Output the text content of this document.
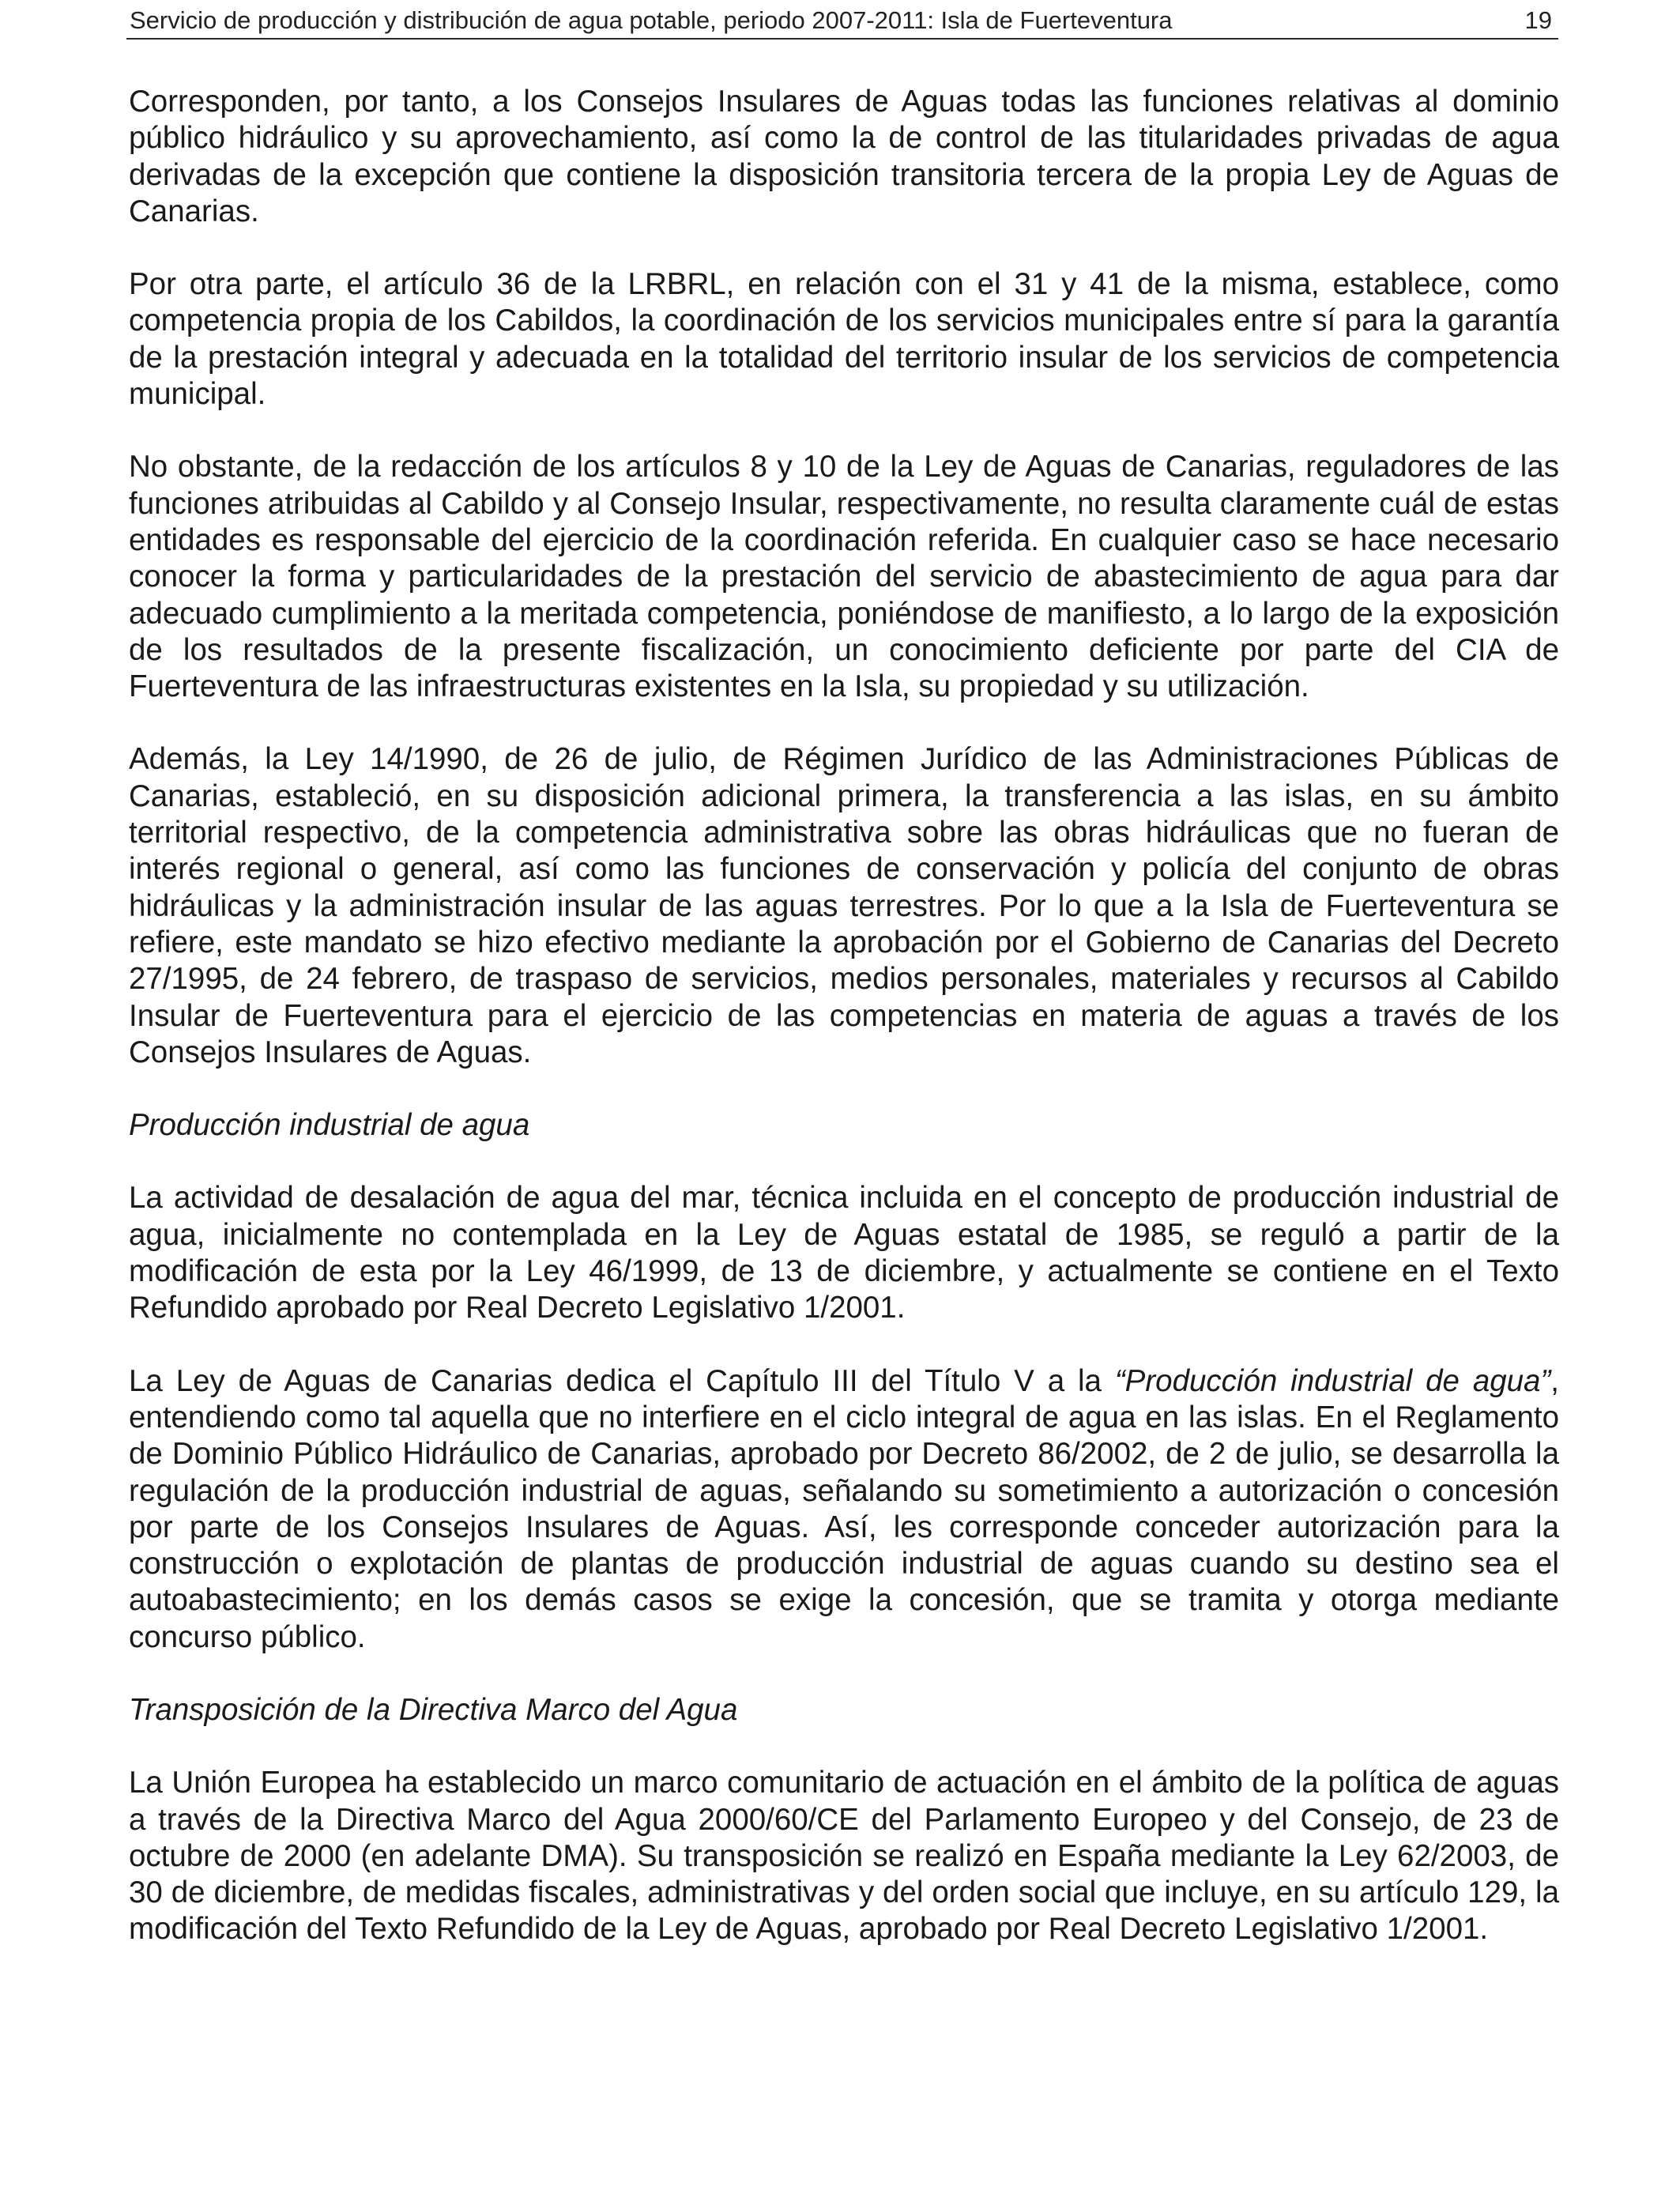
Servicio de producción y distribución de agua potable, periodo 2007-2011: Isla de Fuerteventura	19

Corresponden, por tanto, a los Consejos Insulares de Aguas todas las funciones relativas al dominio público hidráulico y su aprovechamiento, así como la de control de las titularidades privadas de agua derivadas de la excepción que contiene la disposición transitoria tercera de la propia Ley de Aguas de Canarias.

Por otra parte, el artículo 36 de la LRBRL, en relación con el 31 y 41 de la misma, establece, como competencia propia de los Cabildos, la coordinación de los servicios municipales entre sí para la garantía de la prestación integral y adecuada en la totalidad del territorio insular de los servicios de competencia municipal.

No obstante, de la redacción de los artículos 8 y 10 de la Ley de Aguas de Canarias, reguladores de las funciones atribuidas al Cabildo y al Consejo Insular, respectivamente, no resulta claramente cuál de estas entidades es responsable del ejercicio de la coordinación referida. En cualquier caso se hace necesario conocer la forma y particularidades de la prestación del servicio de abastecimiento de agua para dar adecuado cumplimiento a la meritada competencia, poniéndose de manifiesto, a lo largo de la exposición de los resultados de la presente fiscalización, un conocimiento deficiente por parte del CIA de Fuerteventura de las infraestructuras existentes en la Isla, su propiedad y su utilización.

Además, la Ley 14/1990, de 26 de julio, de Régimen Jurídico de las Administraciones Públicas de Canarias, estableció, en su disposición adicional primera, la transferencia a las islas, en su ámbito territorial respectivo, de la competencia administrativa sobre las obras hidráulicas que no fueran de interés regional o general, así como las funciones de conservación y policía del conjunto de obras hidráulicas y la administración insular de las aguas terrestres. Por lo que a la Isla de Fuerteventura se refiere, este mandato se hizo efectivo mediante la aprobación por el Gobierno de Canarias del Decreto 27/1995, de 24 febrero, de traspaso de servicios, medios personales, materiales y recursos al Cabildo Insular de Fuerteventura para el ejercicio de las competencias en materia de aguas a través de los Consejos Insulares de Aguas.

Producción industrial de agua

La actividad de desalación de agua del mar, técnica incluida en el concepto de producción industrial de agua, inicialmente no contemplada en la Ley de Aguas estatal de 1985, se reguló a partir de la modificación de esta por la Ley 46/1999, de 13 de diciembre, y actualmente se contiene en el Texto Refundido aprobado por Real Decreto Legislativo 1/2001.

La Ley de Aguas de Canarias dedica el Capítulo III del Título V a la “Producción industrial de agua”, entendiendo como tal aquella que no interfiere en el ciclo integral de agua en las islas. En el Reglamento de Dominio Público Hidráulico de Canarias, aprobado por Decreto 86/2002, de 2 de julio, se desarrolla la regulación de la producción industrial de aguas, señalando su sometimiento a autorización o concesión por parte de los Consejos Insulares de Aguas. Así, les corresponde conceder autorización para la construcción o explotación de plantas de producción industrial de aguas cuando su destino sea el autoabastecimiento; en los demás casos se exige la concesión, que se tramita y otorga mediante concurso público.

Transposición de la Directiva Marco del Agua

La Unión Europea ha establecido un marco comunitario de actuación en el ámbito de la política de aguas a través de la Directiva Marco del Agua 2000/60/CE del Parlamento Europeo y del Consejo, de 23 de octubre de 2000 (en adelante DMA). Su transposición se realizó en España mediante la Ley 62/2003, de 30 de diciembre, de medidas fiscales, administrativas y del orden social que incluye, en su artículo 129, la modificación del Texto Refundido de la Ley de Aguas, aprobado por Real Decreto Legislativo 1/2001.
